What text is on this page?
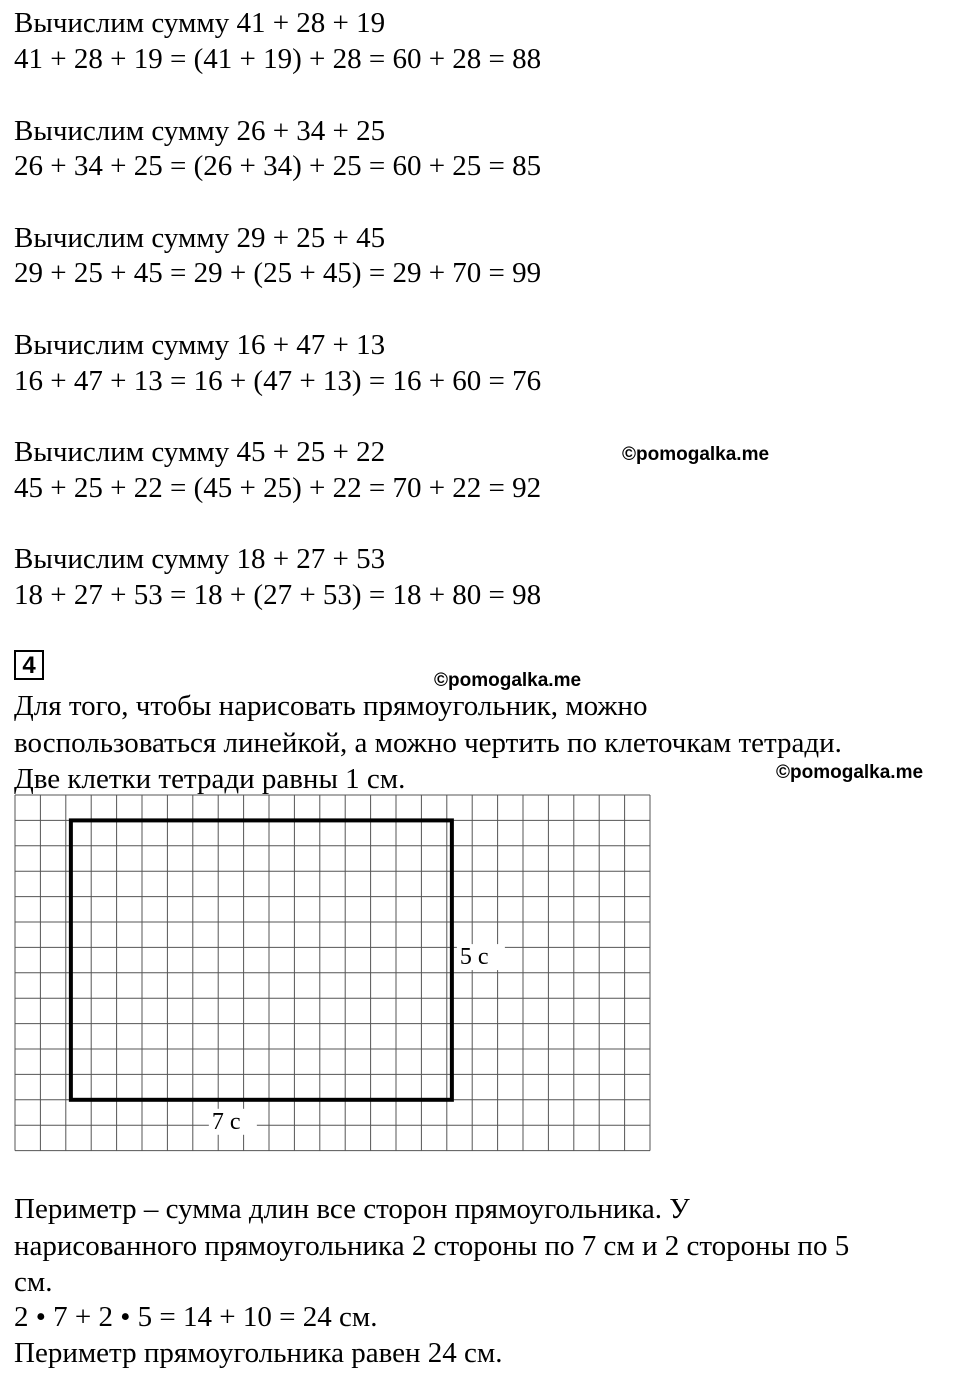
Вычислим сумму 41 + 28 + 19
41 + 28 + 19 = (41 + 19) + 28 = 60 + 28 = 88
Вычислим сумму 26 + 34 + 25
26 + 34 + 25 = (26 + 34) + 25 = 60 + 25 = 85
Вычислим сумму 29 + 25 + 45
29 + 25 + 45 = 29 + (25 + 45) = 29 + 70 = 99
Вычислим сумму 16 + 47 + 13
16 + 47 + 13 = 16 + (47 + 13) = 16 + 60 = 76
Вычислим сумму 45 + 25 + 22
45 + 25 + 22 = (45 + 25) + 22 = 70 + 22 = 92
Вычислим сумму 18 + 27 + 53
18 + 27 + 53 = 18 + (27 + 53) = 18 + 80 = 98
©pomogalka.me
©pomogalka.me
©pomogalka.me
4
Для того, чтобы нарисовать прямоугольник, можно
воспользоваться линейкой, а можно чертить по клеточкам тетради.
Две клетки тетради равны 1 см.
5 с
7 с
Периметр – сумма длин все сторон прямоугольника. У
нарисованного прямоугольника 2 стороны по 7 см и 2 стороны по 5
см.
2 • 7 + 2 • 5 = 14 + 10 = 24 см.
Периметр прямоугольника равен 24 см.
